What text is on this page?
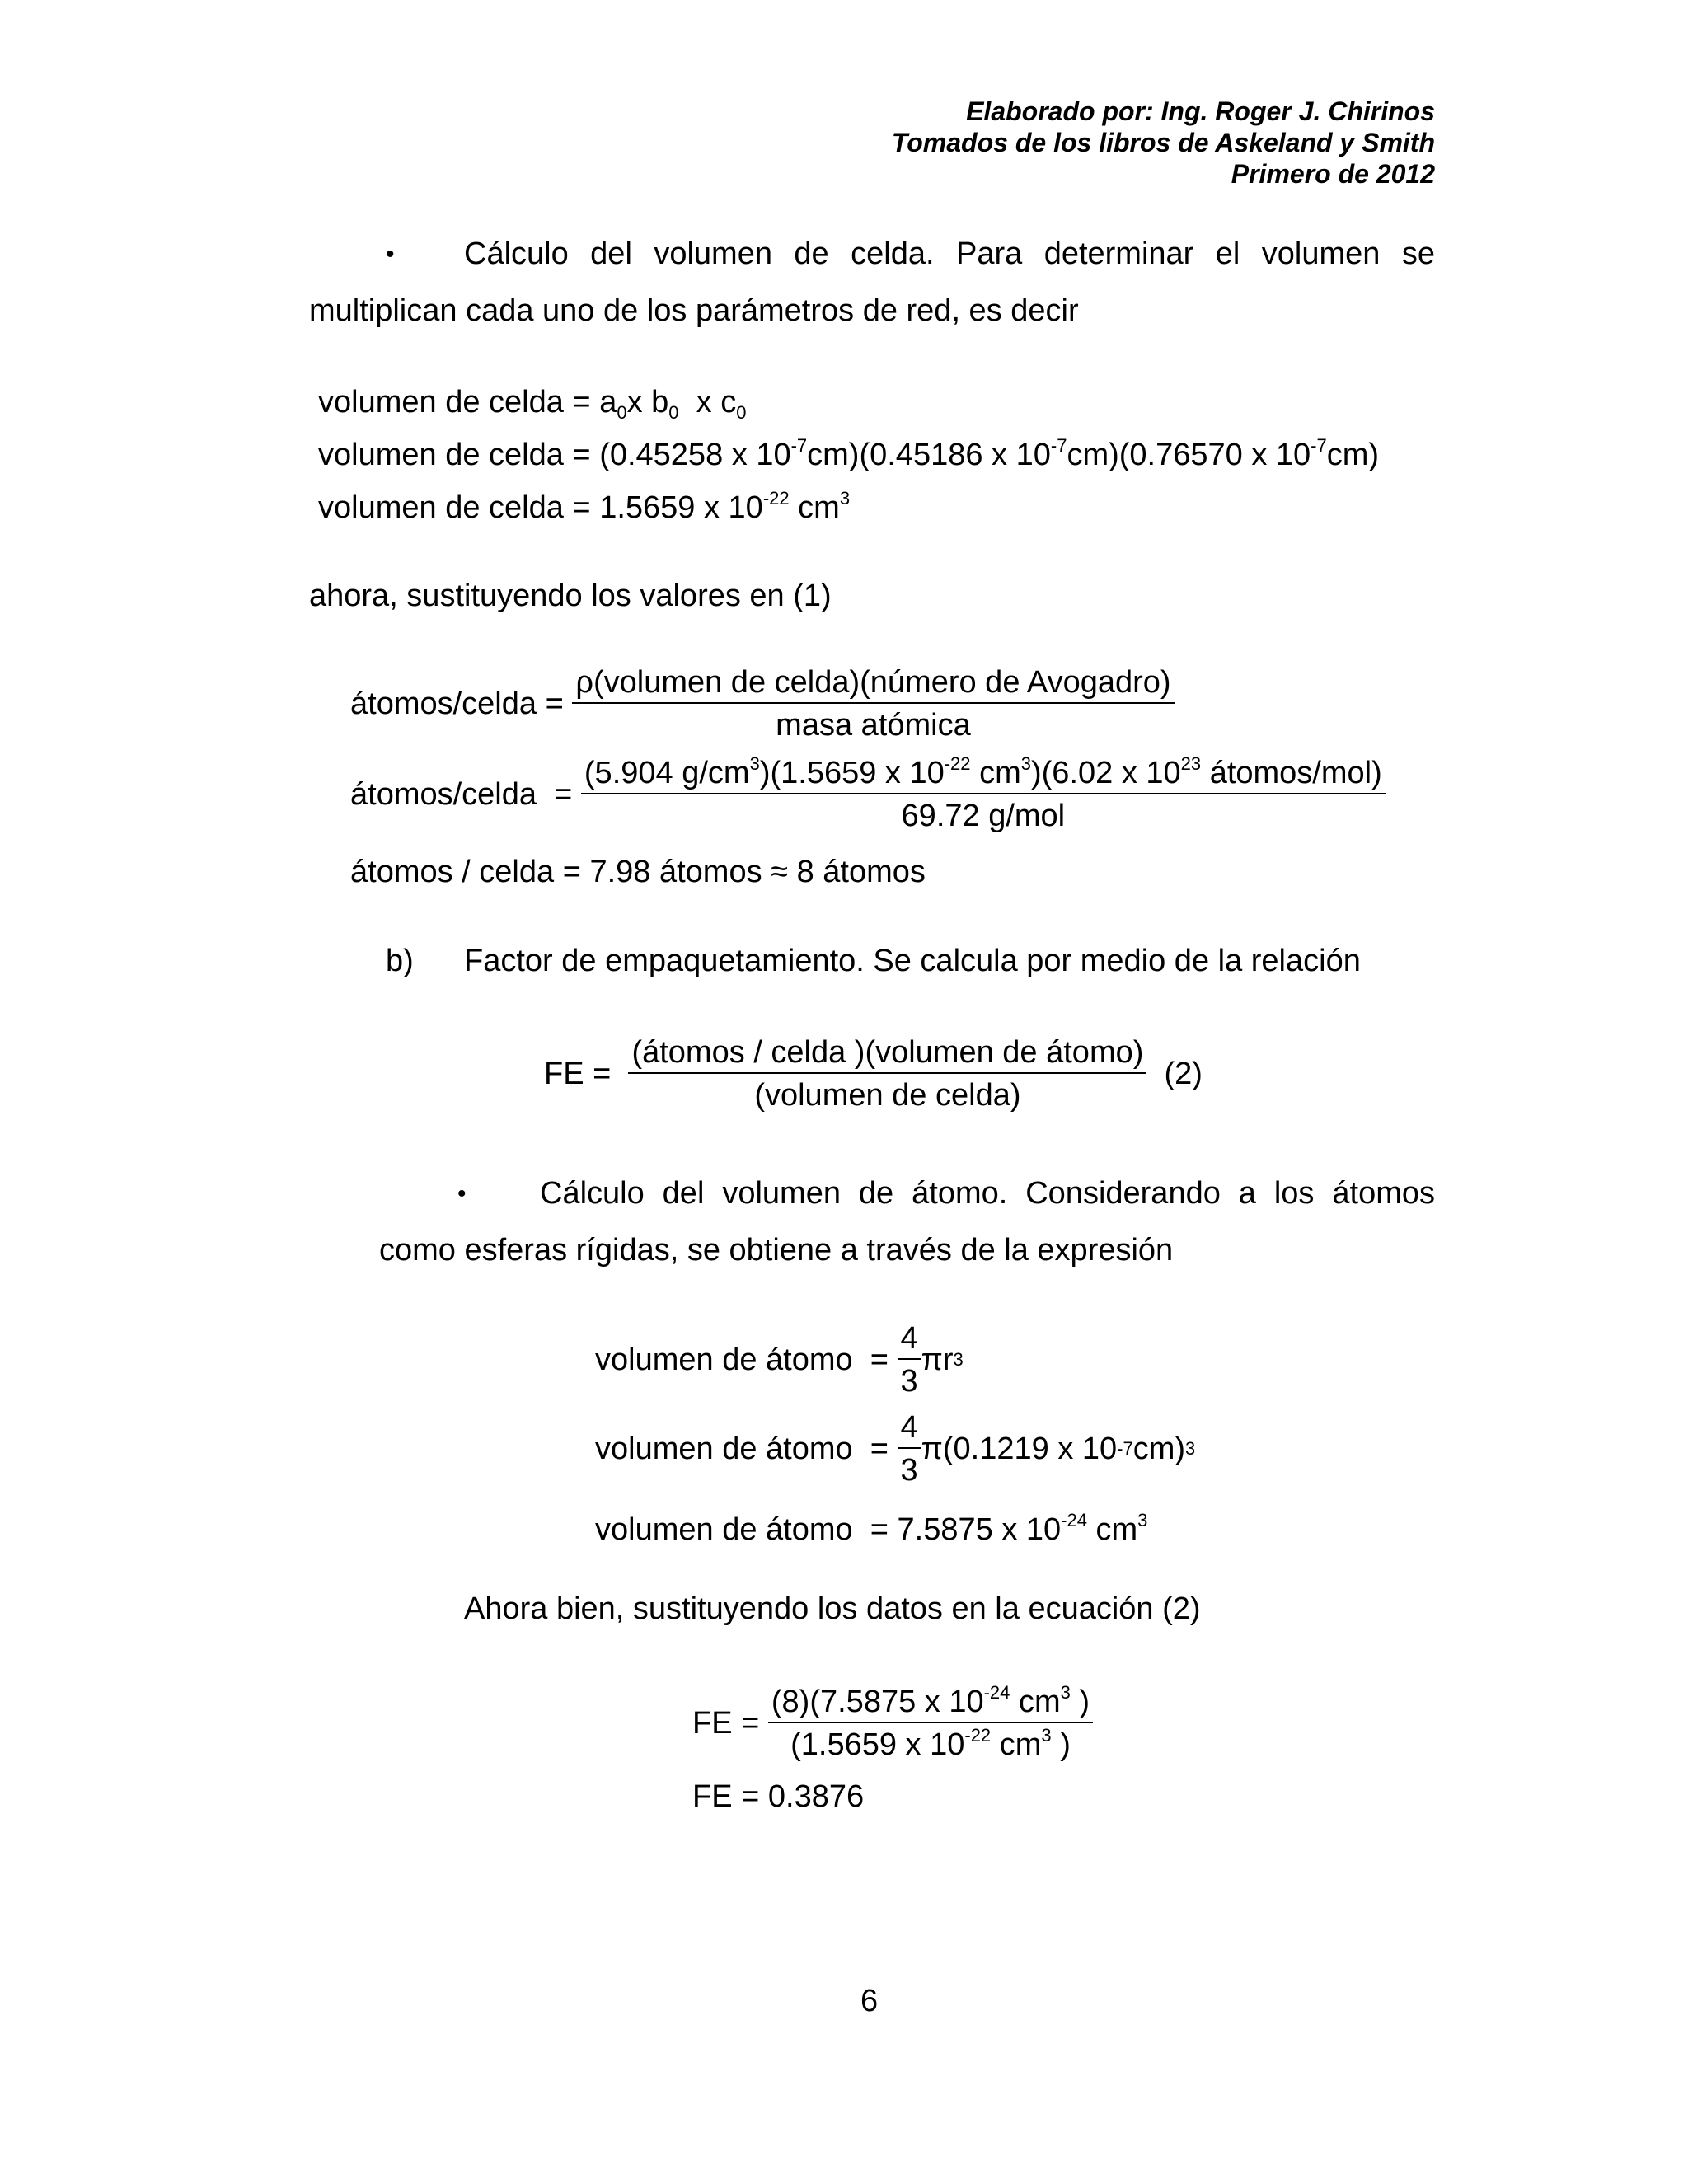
Elaborado por: Ing. Roger J. Chirinos
Tomados de los libros de Askeland y Smith
Primero de 2012
• Cálculo del volumen de celda. Para determinar el volumen se
multiplican cada uno de los parámetros de red, es decir
volumen de celda = $a_0x$ $b_0$ x $c_0$
volumen de celda = (0.45258 x $10^{-7}cm)(0.45186$ x $10^{-7}cm)(0.76570$ x $10^{-7}cm$)
volumen de celda = 1.5659 x $10^{-22}$ $cm^3$
ahora, sustituyendo los valores en (1)
átomos/celda
=
$\frac{\text{ρ(volumen de celda)(número de Avogadro)}}{\text{masa atómica}}$
átomos/celda
=
$\frac{(5.904 g/cm^3)(1.5659 x 10^{-22} cm^3)(6.02 x 10^{23} átomos/mol)}{\text{69.72 g/mol}}$
átomos / celda = 7.98 átomos ≈ 8 átomos
b) Factor de empaquetamiento. Se calcula por medio de la relación
FE
=
$\frac{\text{(átomos / celda )(volumen de átomo)}}{\text{(volumen de celda)}}$
(2)
• Cálculo del volumen de átomo. Considerando a los átomos
como esferas rígidas, se obtiene a través de la expresión
volumen de átomo
=
$\frac{4}{3}$ π r 3
volumen de átomo
=
$\frac{4}{3} \pi(0.1219$ x 10 -7 cm) 3
volumen de átomo = 7.5875 x $10^{-24}$ $cm^3$
Ahora bien, sustituyendo los datos en la ecuación (2)
FE
=
$\frac{(8)(7.5875 x 10^{-24} cm^3 )}{(1.5659 x 10^{-22} cm^3 )}$
FE = 0.3876
6
